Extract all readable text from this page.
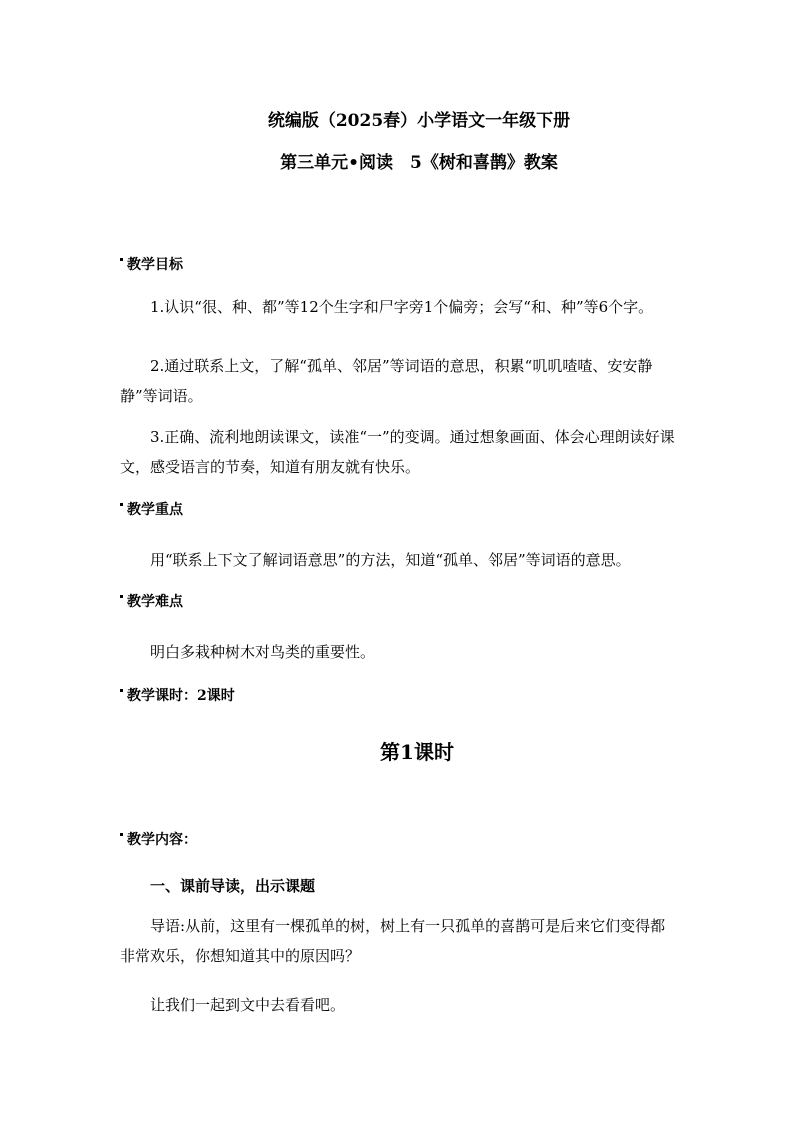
统编版（2025春）小学语文一年级下册
第三单元•阅读　5《树和喜鹊》教案
教学目标
1.认识“很、种、都”等12个生字和尸字旁1个偏旁；会写“和、种”等6个字。
2.通过联系上文，了解“孤单、邻居”等词语的意思，积累“叽叽喳喳、安安静静”等词语。
3.正确、流利地朗读课文，读准“一”的变调。通过想象画面、体会心理朗读好课文，感受语言的节奏，知道有朋友就有快乐。
教学重点
用“联系上下文了解词语意思”的方法，知道“孤单、邻居”等词语的意思。
教学难点
明白多栽种树木对鸟类的重要性。
教学课时：2课时
第1课时
教学内容：
一、课前导读，出示课题
导语:从前，这里有一棵孤单的树，树上有一只孤单的喜鹊可是后来它们变得都非常欢乐，你想知道其中的原因吗？
让我们一起到文中去看看吧。
